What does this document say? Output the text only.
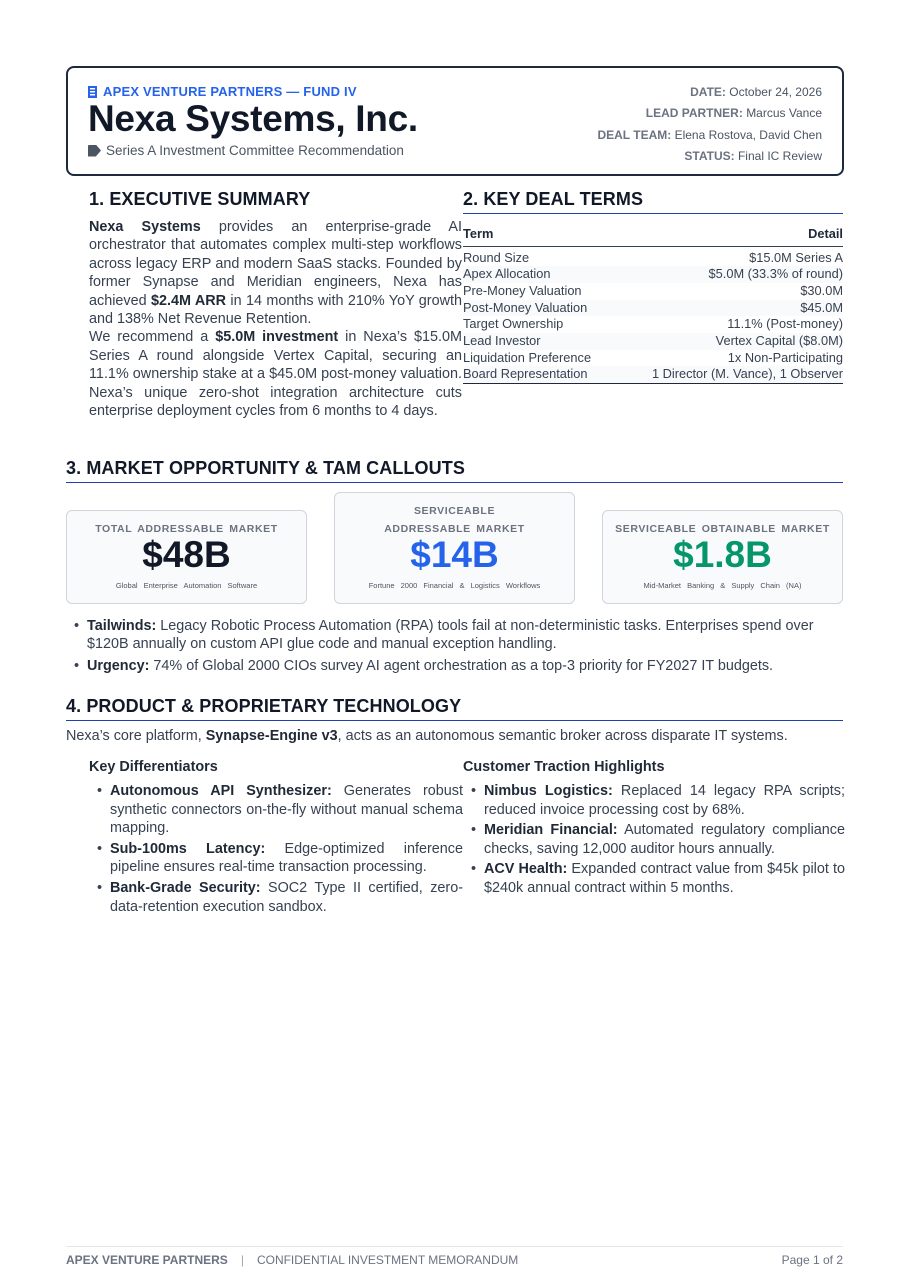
APEX VENTURE PARTNERS — FUND IV
Nexa Systems, Inc.
Series A Investment Committee Recommendation
DATE: October 24, 2026
LEAD PARTNER: Marcus Vance
DEAL TEAM: Elena Rostova, David Chen
STATUS: Final IC Review
1. EXECUTIVE SUMMARY

Nexa Systems provides an enterprise-grade AI orchestrator that automates complex multi-step workflows across legacy ERP and modern SaaS stacks. Founded by former Synapse and Meridian engineers, Nexa has achieved $2.4M ARR in 14 months with 210% YoY growth and 138% Net Revenue Retention.

We recommend a $5.0M investment in Nexa’s $15.0M Series A round alongside Vertex Capital, securing an 11.1% ownership stake at a $45.0M post-money valuation. Nexa’s unique zero-shot integration architecture cuts enterprise deployment cycles from 6 months to 4 days.

2. KEY DEAL TERMS
Term	Detail
Round Size	$15.0M Series A
Apex Allocation	$5.0M (33.3% of round)
Pre-Money Valuation	$30.0M
Post-Money Valuation	$45.0M
Target Ownership	11.1% (Post-money)
Lead Investor	Vertex Capital ($8.0M)
Liquidation Preference	1x Non-Participating
Board Representation	1 Director (M. Vance), 1 Observer
3. MARKET OPPORTUNITY & TAM CALLOUTS
TOTAL ADDRESSABLE MARKET
$48B
Global Enterprise Automation Software
SERVICEABLE ADDRESSABLE MARKET
$14B
Fortune 2000 Financial & Logistics Workflows
SERVICEABLE OBTAINABLE MARKET
$1.8B
Mid-Market Banking & Supply Chain (NA)
• Tailwinds: Legacy Robotic Process Automation (RPA) tools fail at non-deterministic tasks. Enterprises spend over $120B annually on custom API glue code and manual exception handling.
• Urgency: 74% of Global 2000 CIOs survey AI agent orchestration as a top-3 priority for FY2027 IT budgets.
4. PRODUCT & PROPRIETARY TECHNOLOGY
Nexa’s core platform, Synapse-Engine v3, acts as an autonomous semantic broker across disparate IT systems.
Key Differentiators
• Autonomous API Synthesizer: Generates robust synthetic connectors on-the-fly without manual schema mapping.
• Sub-100ms Latency: Edge-optimized inference pipeline ensures real-time transaction processing.
• Bank-Grade Security: SOC2 Type II certified, zero-data-retention execution sandbox.
Customer Traction Highlights
• Nimbus Logistics: Replaced 14 legacy RPA scripts; reduced invoice processing cost by 68%.
• Meridian Financial: Automated regulatory compliance checks, saving 12,000 auditor hours annually.
• ACV Health: Expanded contract value from $45k pilot to $240k annual contract within 5 months.
APEX VENTURE PARTNERS | CONFIDENTIAL INVESTMENT MEMORANDUM	Page 1 of 2
